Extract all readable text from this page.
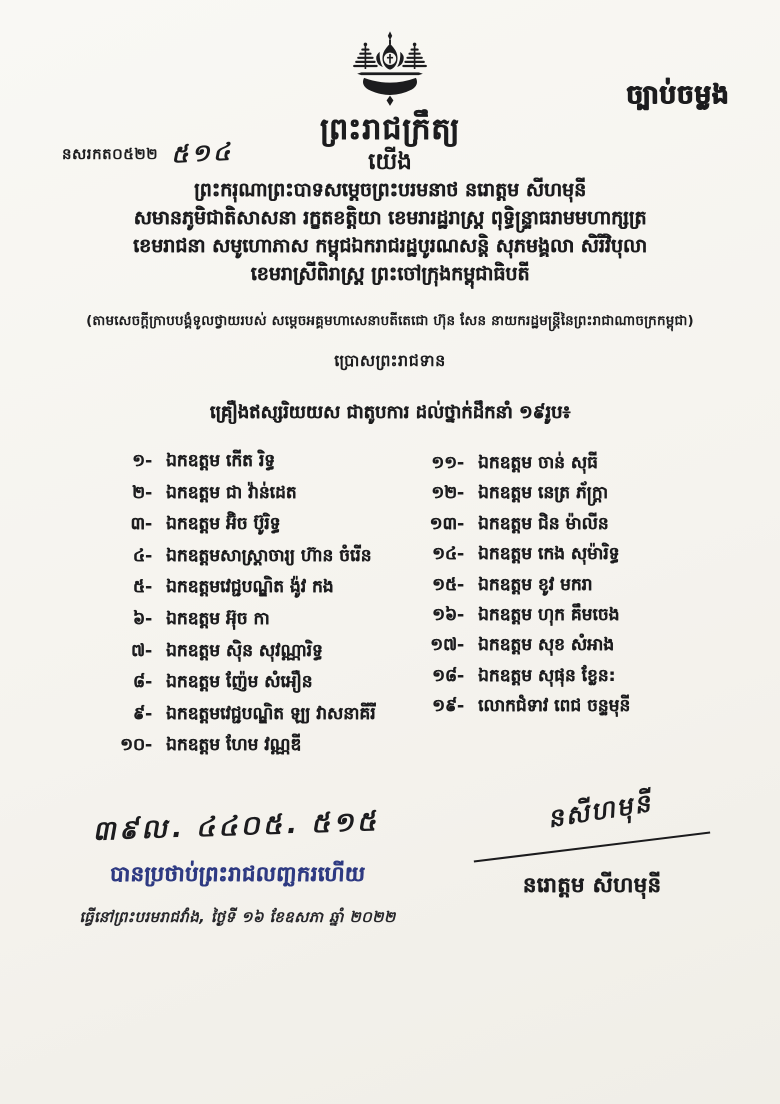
ច្បាប់ចម្លង
ព្រះរាជក្រឹត្យ
យើង
នសរកត០៥២២ ៥១៤
ព្រះករុណាព្រះបាទសម្តេចព្រះបរមនាថ នរោត្តម សីហមុនី
សមានភូមិជាតិសាសនា រក្ខតខត្តិយា ខេមរារដ្ឋរាស្ត្រ ពុទ្ធិន្ទ្រាធរាមមហាក្សត្រ
ខេមរាជនា សមូហោភាស កម្ពុជឯករាជរដ្ឋបូរណសន្តិ សុភមង្គលា សិរីវិបុលា
ខេមរាស្រីពិរាស្ត្រ ព្រះចៅក្រុងកម្ពុជាធិបតី
(តាមសេចក្ដីក្រាបបង្គំទូលថ្វាយរបស់ សម្តេចអគ្គមហាសេនាបតីតេជោ ហ៊ុន សែន នាយករដ្ឋមន្ត្រីនៃព្រះរាជាណាចក្រកម្ពុជា)
ប្រោសព្រះរាជទាន
គ្រឿងឥស្សរិយយស ជាតូបការ ដល់ថ្នាក់ដឹកនាំ ១៩រូប៖
១- ឯកឧត្តម កើត រិទ្ធ
២- ឯកឧត្តម ជា វ៉ាន់ដេត
៣- ឯកឧត្តម អ៊ិច ប៊ូរិទ្ធ
៤- ឯកឧត្តមសាស្ត្រាចារ្យ ហ៊ាន ចំរើន
៥- ឯកឧត្តមវេជ្ជបណ្ឌិត ង៉ូវ កង
៦- ឯកឧត្តម អ៊ុច កា
៧- ឯកឧត្តម ស៊ិន សុវណ្ណារិទ្ធ
៨- ឯកឧត្តម ញ៉ែម សំអឿន
៩- ឯកឧត្តមវេជ្ជបណ្ឌិត ឡ្យ វាសនាគីរី
១០- ឯកឧត្តម ហែម វណ្ណឌី
១១- ឯកឧត្តម ចាន់ សុធី
១២- ឯកឧត្តម នេត្រ ភ័ក្ត្រា
១៣- ឯកឧត្តម ជិន ម៉ាលីន
១៤- ឯកឧត្តម កេង សុម៉ារិទ្ធ
១៥- ឯកឧត្តម ខូវ មករា
១៦- ឯកឧត្តម ហុក គឹមចេង
១៧- ឯកឧត្តម សុខ សំអាង
១៨- ឯកឧត្តម សុផុន ខ្លែន:
១៩- លោកជំទាវ ពេជ ចន្ទមុនី
៣៩ល. ៤៤០៥. ៥១៥
បានប្រថាប់ព្រះរាជលញ្ឆករហើយ
ធ្វើនៅព្រះបរមរាជវាំង, ថ្ងៃទី ១៦ ខែឧសភា ឆ្នាំ ២០២២
នសីហមុនី
នរោត្តម សីហមុនី
